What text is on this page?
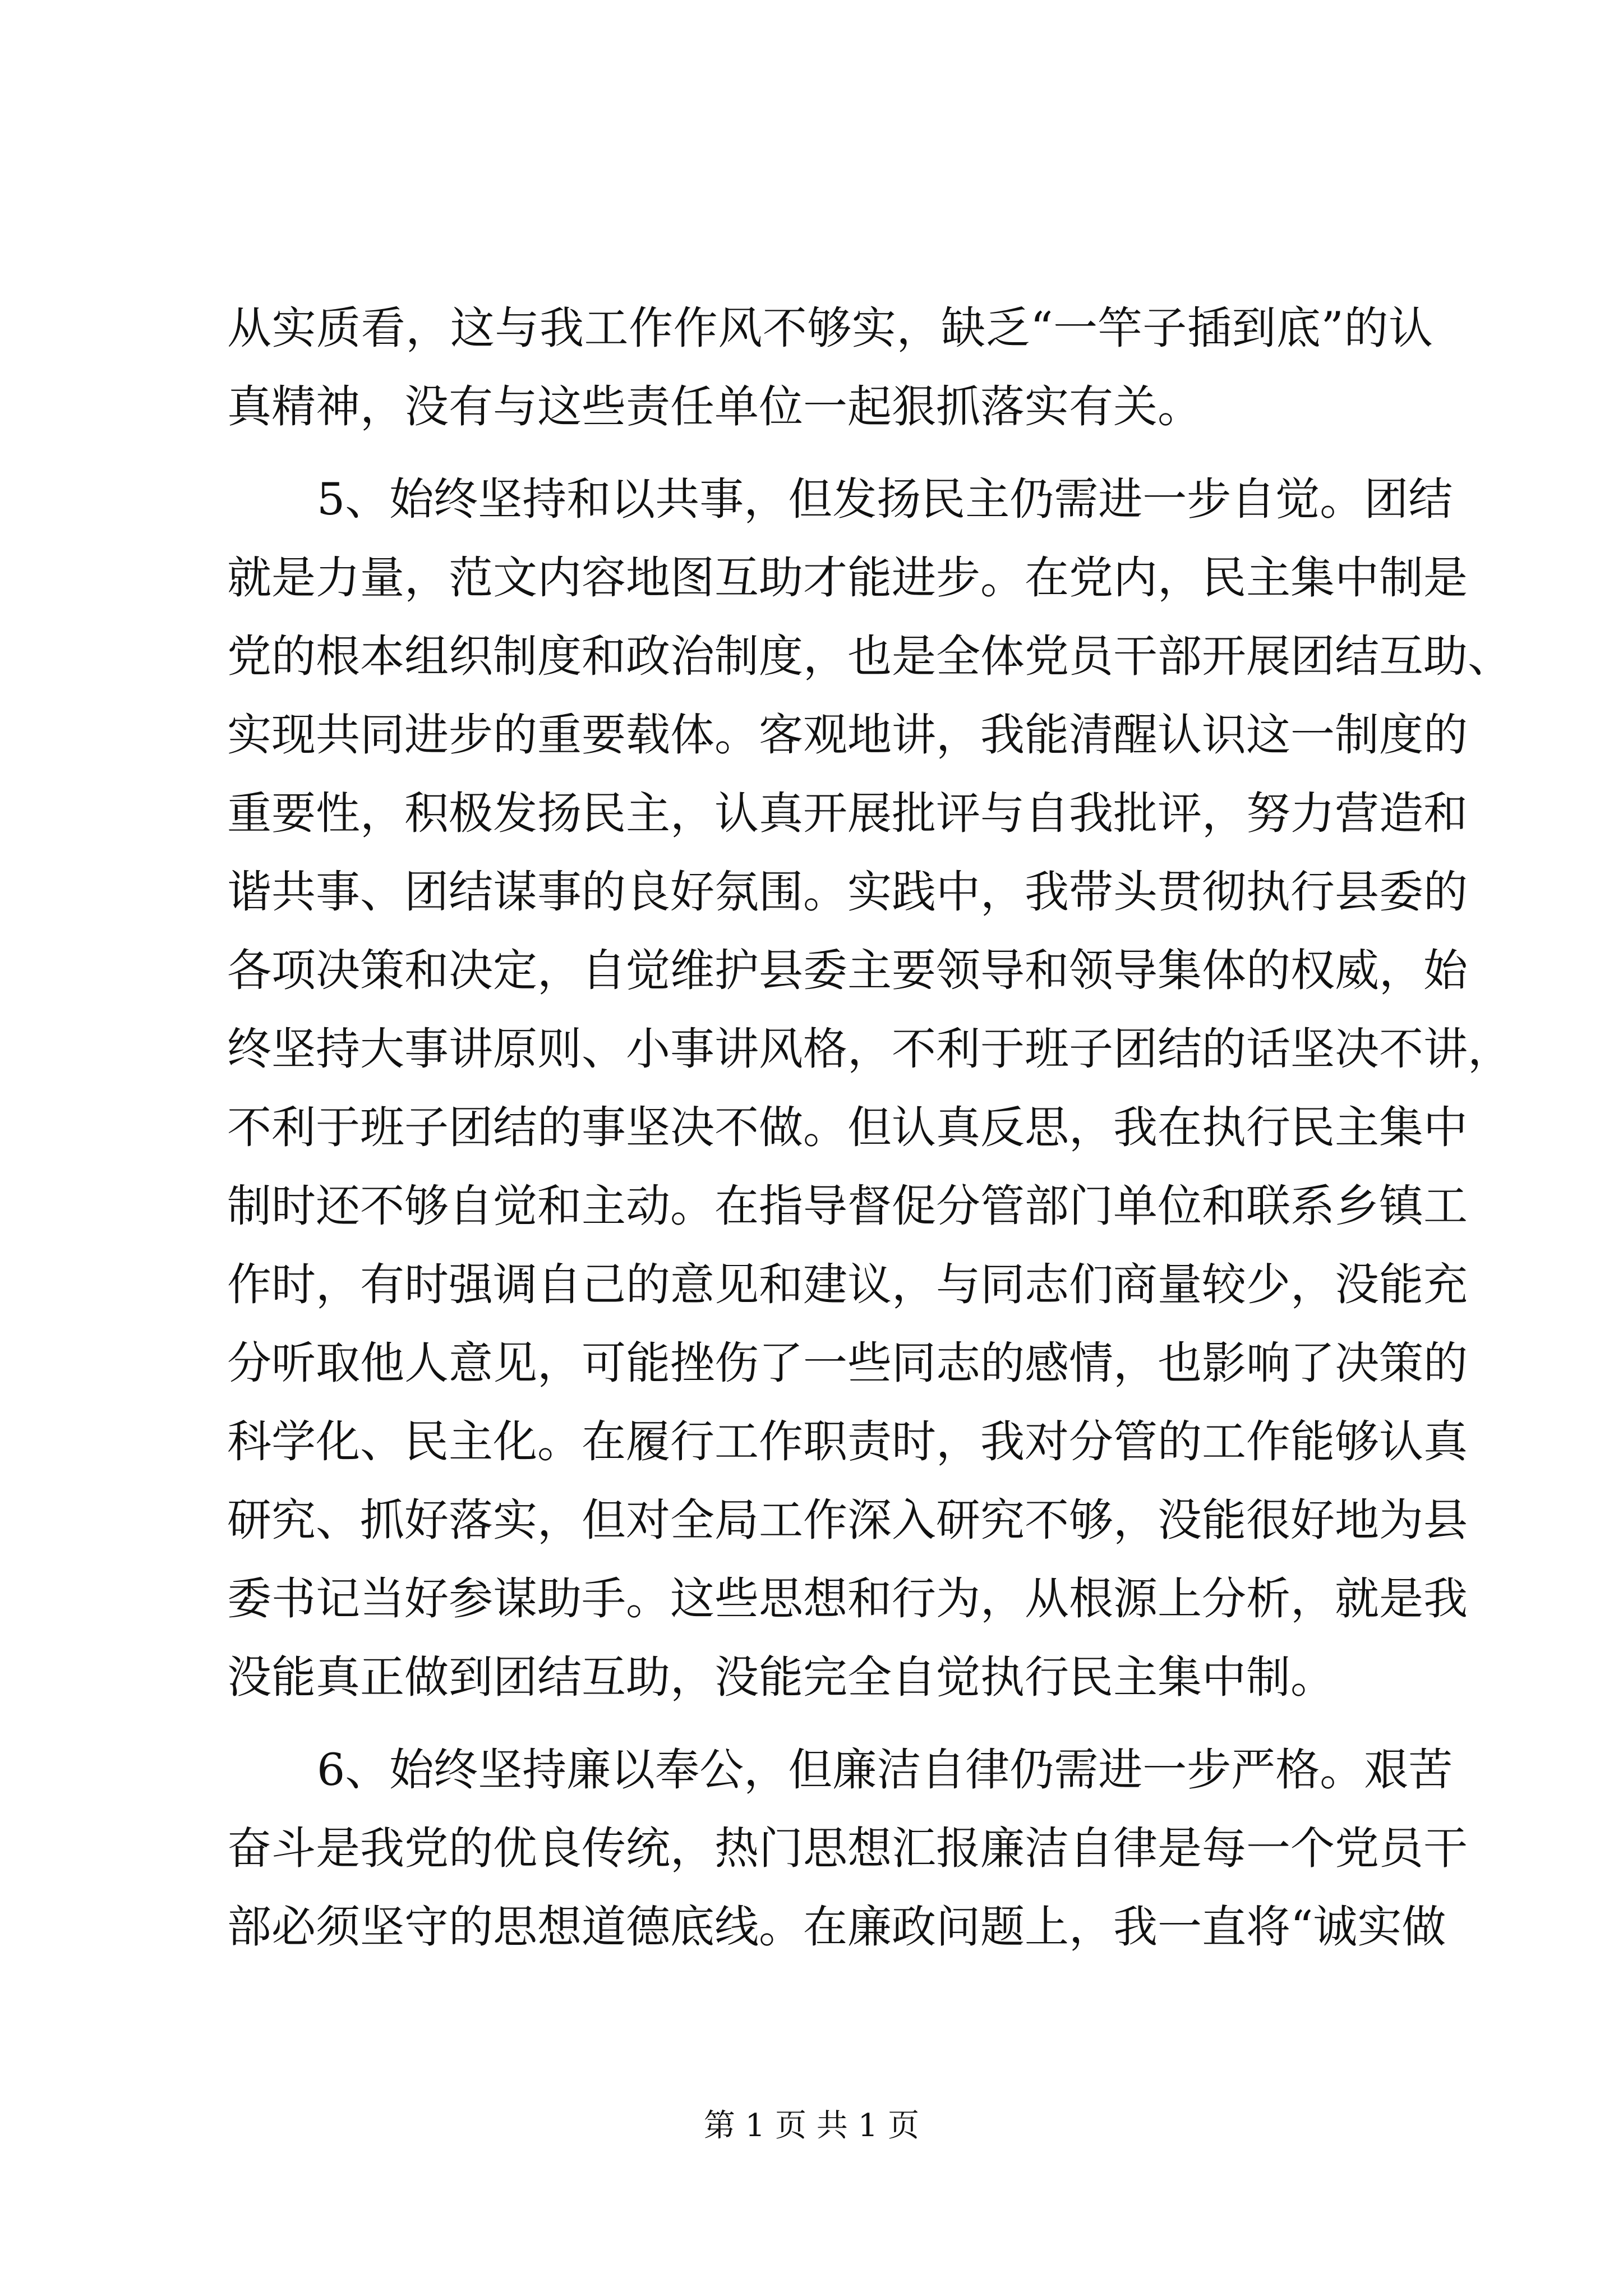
从实质看，这与我工作作风不够实，缺乏“一竿子插到底”的认
真精神，没有与这些责任单位一起狠抓落实有关。
5、始终坚持和以共事，但发扬民主仍需进一步自觉。团结
就是力量，范文内容地图互助才能进步。在党内，民主集中制是
党的根本组织制度和政治制度，也是全体党员干部开展团结互助、
实现共同进步的重要载体。客观地讲，我能清醒认识这一制度的
重要性，积极发扬民主，认真开展批评与自我批评，努力营造和
谐共事、团结谋事的良好氛围。实践中，我带头贯彻执行县委的
各项决策和决定，自觉维护县委主要领导和领导集体的权威，始
终坚持大事讲原则、小事讲风格，不利于班子团结的话坚决不讲，
不利于班子团结的事坚决不做。但认真反思，我在执行民主集中
制时还不够自觉和主动。在指导督促分管部门单位和联系乡镇工
作时，有时强调自己的意见和建议，与同志们商量较少，没能充
分听取他人意见，可能挫伤了一些同志的感情，也影响了决策的
科学化、民主化。在履行工作职责时，我对分管的工作能够认真
研究、抓好落实，但对全局工作深入研究不够，没能很好地为县
委书记当好参谋助手。这些思想和行为，从根源上分析，就是我
没能真正做到团结互助，没能完全自觉执行民主集中制。
6、始终坚持廉以奉公，但廉洁自律仍需进一步严格。艰苦
奋斗是我党的优良传统，热门思想汇报廉洁自律是每一个党员干
部必须坚守的思想道德底线。在廉政问题上，我一直将“诚实做
第 1 页 共 1 页
